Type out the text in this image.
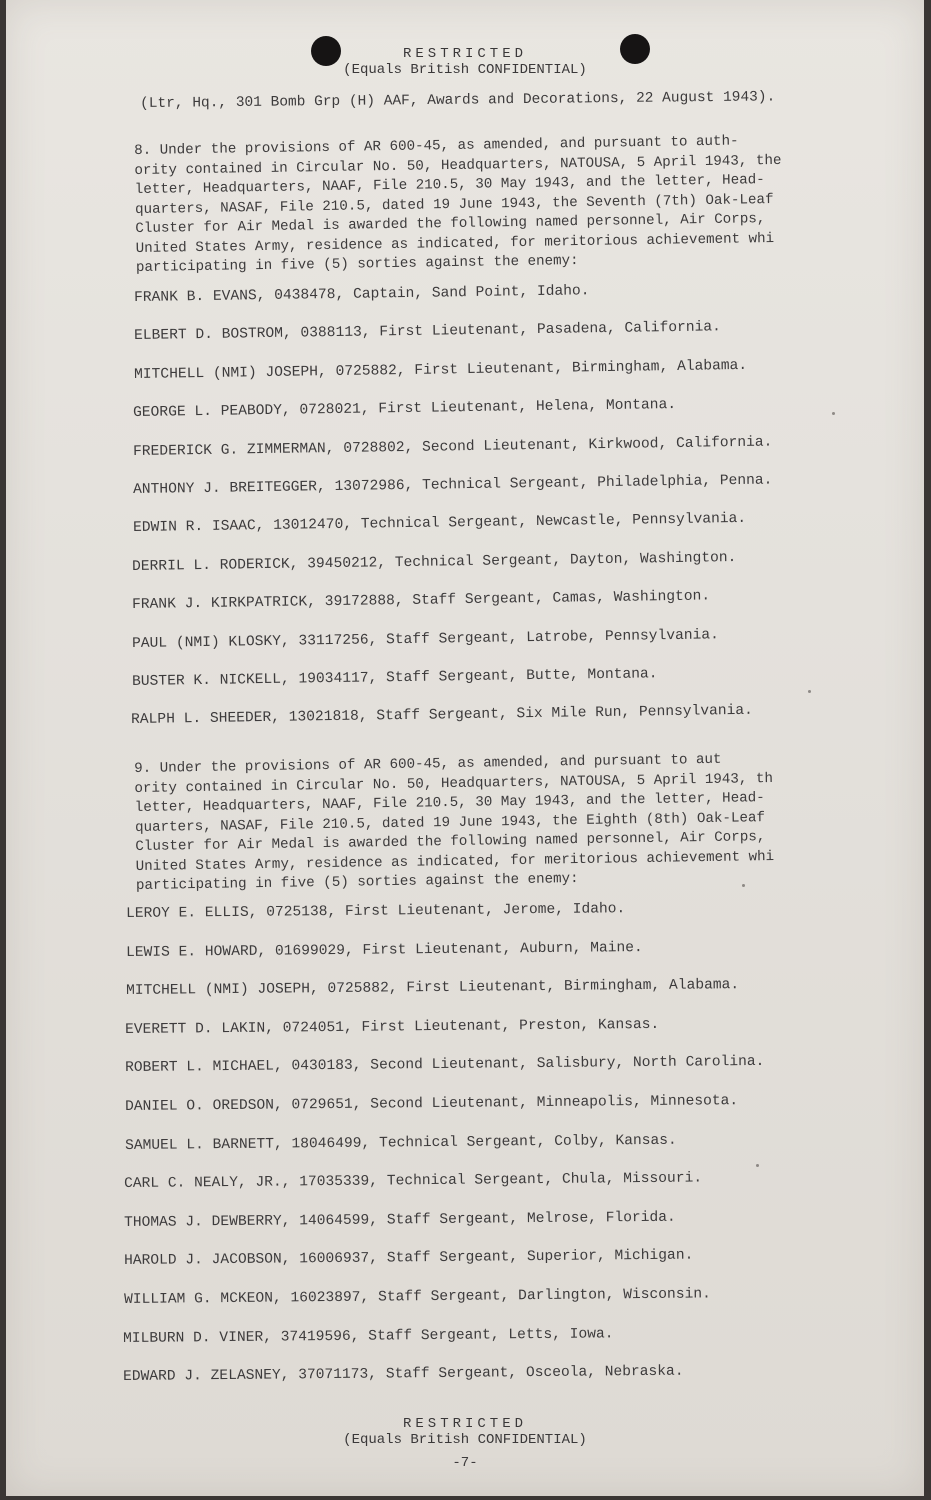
RESTRICTED
(Equals British CONFIDENTIAL)
(Ltr, Hq., 301 Bomb Grp (H) AAF, Awards and Decorations, 22 August 1943).
8. Under the provisions of AR 600-45, as amended, and pursuant to auth-
ority contained in Circular No. 50, Headquarters, NATOUSA, 5 April 1943, the
letter, Headquarters, NAAF, File 210.5, 30 May 1943, and the letter, Head-
quarters, NASAF, File 210.5, dated 19 June 1943, the Seventh (7th) Oak-Leaf
Cluster for Air Medal is awarded the following named personnel, Air Corps,
United States Army, residence as indicated, for meritorious achievement whi
participating in five (5) sorties against the enemy:
FRANK B. EVANS, 0438478, Captain, Sand Point, Idaho.
ELBERT D. BOSTROM, 0388113, First Lieutenant, Pasadena, California.
MITCHELL (NMI) JOSEPH, 0725882, First Lieutenant, Birmingham, Alabama.
GEORGE L. PEABODY, 0728021, First Lieutenant, Helena, Montana.
FREDERICK G. ZIMMERMAN, 0728802, Second Lieutenant, Kirkwood, California.
ANTHONY J. BREITEGGER, 13072986, Technical Sergeant, Philadelphia, Penna.
EDWIN R. ISAAC, 13012470, Technical Sergeant, Newcastle, Pennsylvania.
DERRIL L. RODERICK, 39450212, Technical Sergeant, Dayton, Washington.
FRANK J. KIRKPATRICK, 39172888, Staff Sergeant, Camas, Washington.
PAUL (NMI) KLOSKY, 33117256, Staff Sergeant, Latrobe, Pennsylvania.
BUSTER K. NICKELL, 19034117, Staff Sergeant, Butte, Montana.
RALPH L. SHEEDER, 13021818, Staff Sergeant, Six Mile Run, Pennsylvania.
9. Under the provisions of AR 600-45, as amended, and pursuant to aut
ority contained in Circular No. 50, Headquarters, NATOUSA, 5 April 1943, th
letter, Headquarters, NAAF, File 210.5, 30 May 1943, and the letter, Head-
quarters, NASAF, File 210.5, dated 19 June 1943, the Eighth (8th) Oak-Leaf
Cluster for Air Medal is awarded the following named personnel, Air Corps,
United States Army, residence as indicated, for meritorious achievement whi
participating in five (5) sorties against the enemy:
LEROY E. ELLIS, 0725138, First Lieutenant, Jerome, Idaho.
LEWIS E. HOWARD, 01699029, First Lieutenant, Auburn, Maine.
MITCHELL (NMI) JOSEPH, 0725882, First Lieutenant, Birmingham, Alabama.
EVERETT D. LAKIN, 0724051, First Lieutenant, Preston, Kansas.
ROBERT L. MICHAEL, 0430183, Second Lieutenant, Salisbury, North Carolina.
DANIEL O. OREDSON, 0729651, Second Lieutenant, Minneapolis, Minnesota.
SAMUEL L. BARNETT, 18046499, Technical Sergeant, Colby, Kansas.
CARL C. NEALY, JR., 17035339, Technical Sergeant, Chula, Missouri.
THOMAS J. DEWBERRY, 14064599, Staff Sergeant, Melrose, Florida.
HAROLD J. JACOBSON, 16006937, Staff Sergeant, Superior, Michigan.
WILLIAM G. MCKEON, 16023897, Staff Sergeant, Darlington, Wisconsin.
MILBURN D. VINER, 37419596, Staff Sergeant, Letts, Iowa.
EDWARD J. ZELASNEY, 37071173, Staff Sergeant, Osceola, Nebraska.
RESTRICTED
(Equals British CONFIDENTIAL)
-7-
